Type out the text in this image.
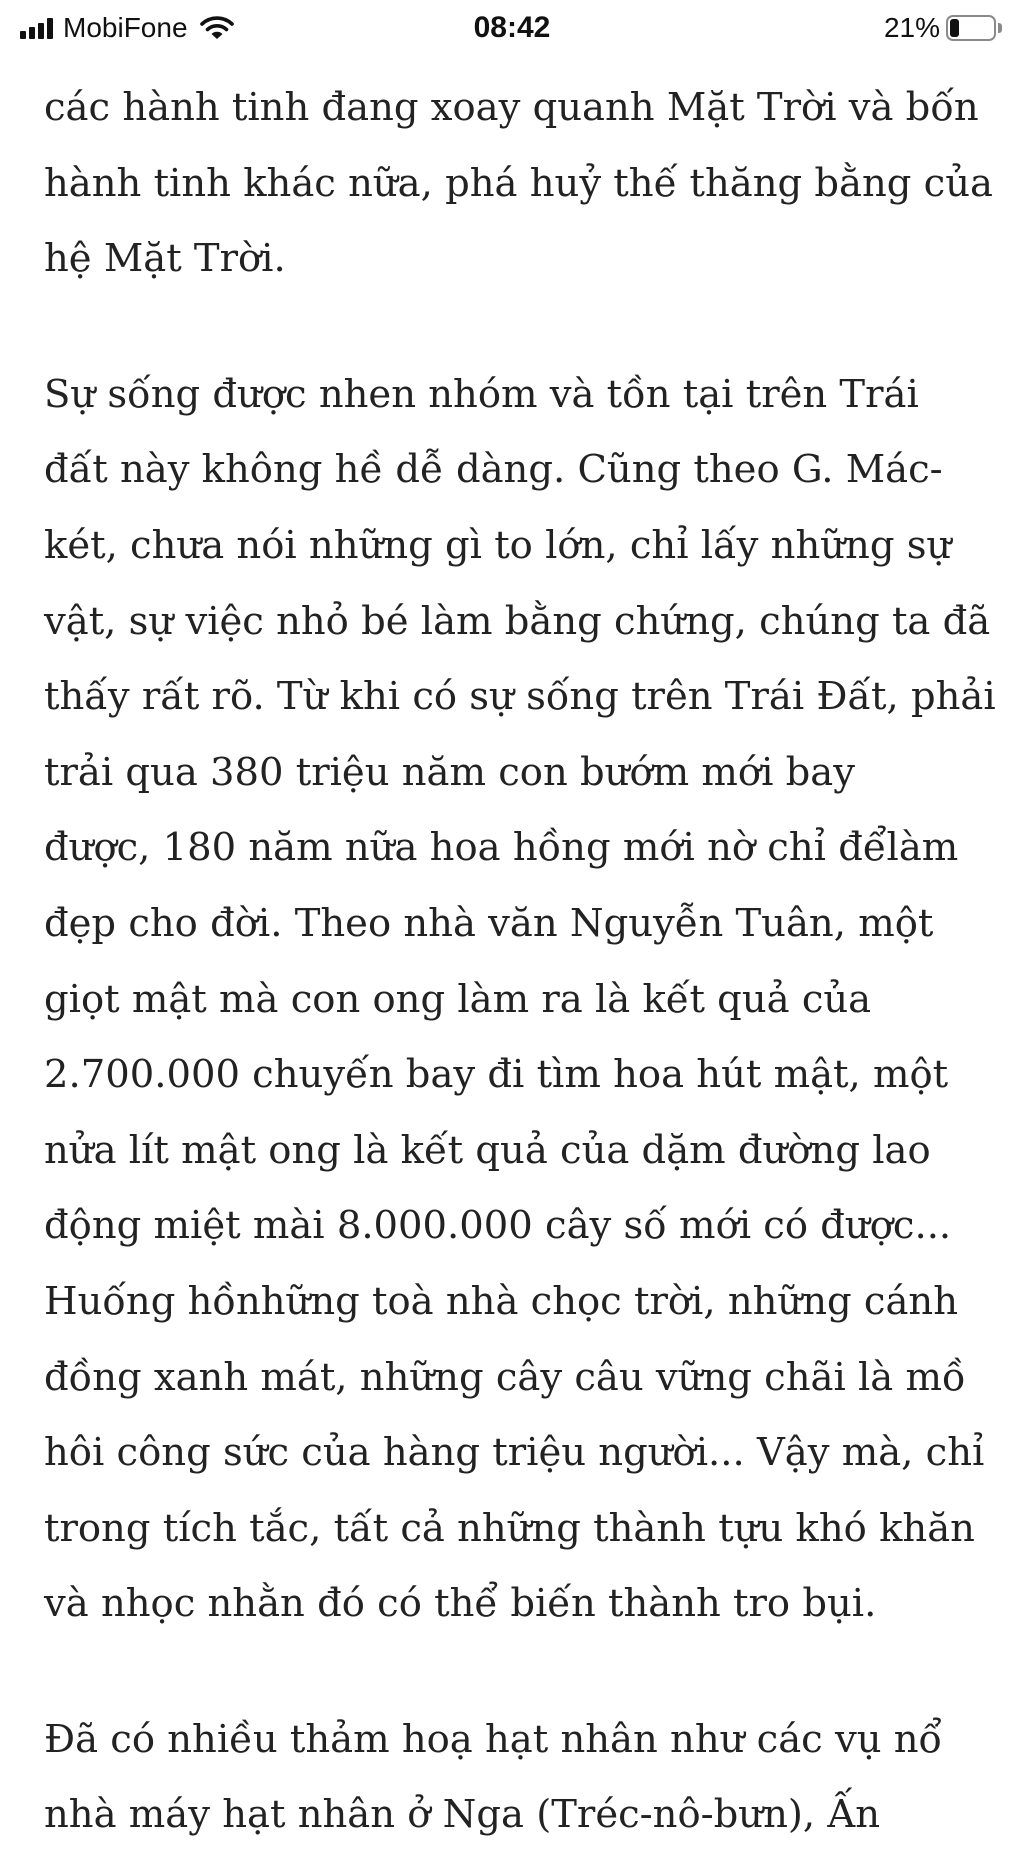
MobiFone	08:42	21%
các hành tinh đang xoay quanh Mặt Trời và bốn
hành tinh khác nữa, phá huỷ thế thăng bằng của
hệ Mặt Trời.
Sự sống được nhen nhóm và tồn tại trên Trái
đất này không hề dễ dàng. Cũng theo G. Mác-
két, chưa nói những gì to lớn, chỉ lấy những sự
vật, sự việc nhỏ bé làm bằng chứng, chúng ta đã
thấy rất rõ. Từ khi có sự sống trên Trái Đất, phải
trải qua 380 triệu năm con bướm mới bay
được, 180 năm nữa hoa hồng mới nờ chỉ đểlàm
đẹp cho đời. Theo nhà văn Nguyễn Tuân, một
giọt mật mà con ong làm ra là kết quả của
2.700.000 chuyến bay đi tìm hoa hút mật, một
nửa lít mật ong là kết quả của dặm đường lao
động miệt mài 8.000.000 cây số mới có được...
Huống hồnhững toà nhà chọc trời, những cánh
đồng xanh mát, những cây câu vững chãi là mồ
hôi công sức của hàng triệu người... Vậy mà, chỉ
trong tích tắc, tất cả những thành tựu khó khăn
và nhọc nhằn đó có thể biến thành tro bụi.
Đã có nhiều thảm hoạ hạt nhân như các vụ nổ
nhà máy hạt nhân ở Nga (Tréc-nô-bưn), Ấn
